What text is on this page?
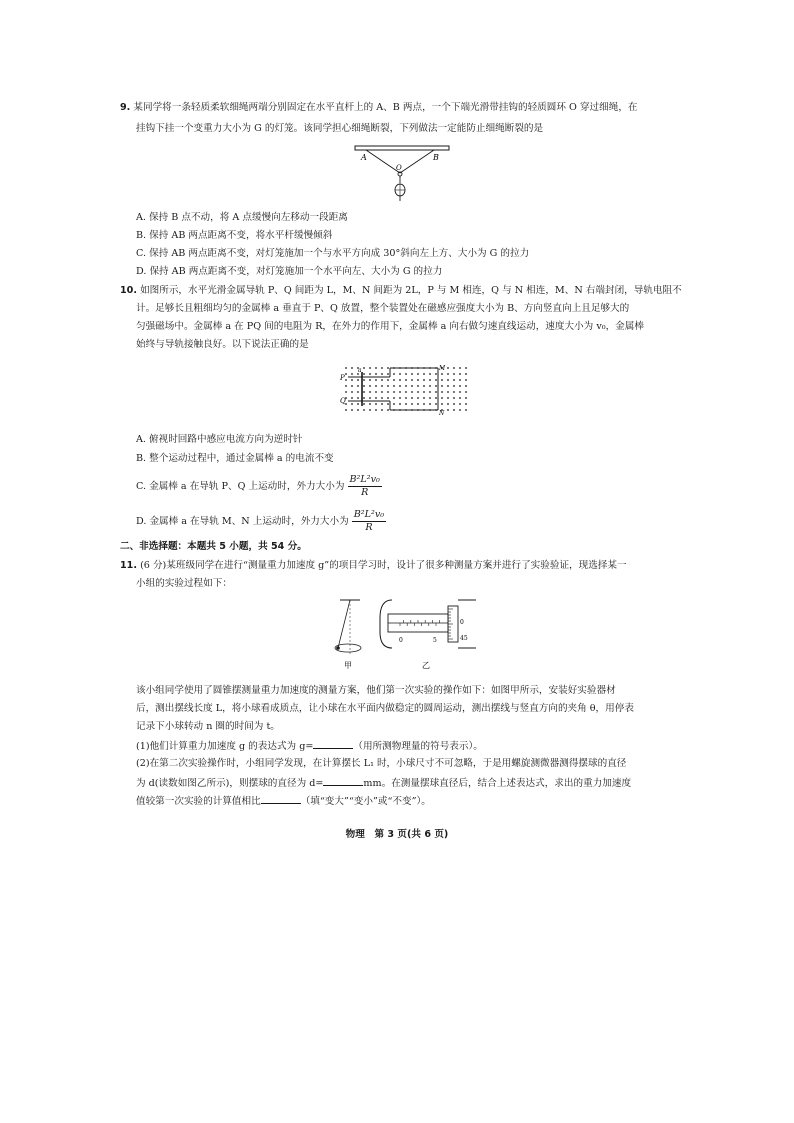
9. 某同学将一条轻质柔软细绳两端分别固定在水平直杆上的 A、B 两点，一个下端光滑带挂钩的轻质圆环 O 穿过细绳，在
挂钩下挂一个变重力大小为 G 的灯笼。该同学担心细绳断裂，下列做法一定能防止细绳断裂的是
A	B
O
A. 保持 B 点不动，将 A 点缓慢向左移动一段距离
B. 保持 AB 两点距离不变，将水平杆缓慢倾斜
C. 保持 AB 两点距离不变，对灯笼施加一个与水平方向成 30°斜向左上方、大小为 G 的拉力
D. 保持 AB 两点距离不变，对灯笼施加一个水平向左、大小为 G 的拉力
10. 如图所示，水平光滑金属导轨 P、Q 间距为 L，M、N 间距为 2L，P 与 M 相连，Q 与 N 相连，M、N 右端封闭，导轨电阻不
计。足够长且粗细均匀的金属棒 a 垂直于 P、Q 放置，整个装置处在磁感应强度大小为 B、方向竖直向上且足够大的
匀强磁场中。金属棒 a 在 PQ 间的电阻为 R，在外力的作用下，金属棒 a 向右做匀速直线运动，速度大小为 v₀，金属棒
始终与导轨接触良好。以下说法正确的是
a
P
Q
M
N
A. 俯视时回路中感应电流方向为逆时针
B. 整个运动过程中，通过金属棒 a 的电流不变
C. 金属棒 a 在导轨 P、Q 上运动时，外力大小为 $\frac{\text{B²L²v₀}}{R}$
D. 金属棒 a 在导轨 M、N 上运动时，外力大小为 $\frac{\text{B²L²v₀}}{R}$
二、非选择题：本题共 5 小题，共 54 分。
11. (6 分)某班级同学在进行“测量重力加速度 g”的项目学习时，设计了很多种测量方案并进行了实验验证，现选择某一
小组的实验过程如下：
甲
0	5
0
45
乙
该小组同学使用了圆锥摆测量重力加速度的测量方案，他们第一次实验的操作如下：如图甲所示，安装好实验器材
后，测出摆线长度 L，将小球看成质点，让小球在水平面内做稳定的圆周运动，测出摆线与竖直方向的夹角 θ，用停表
记录下小球转动 n 圈的时间为 t。
(1)他们计算重力加速度 g 的表达式为 g=	（用所测物理量的符号表示）。
(2)在第二次实验操作时，小组同学发现，在计算摆长 L₁ 时，小球尺寸不可忽略，于是用螺旋测微器测得摆球的直径
为 d(读数如图乙所示)，则摆球的直径为 d=	mm。在测量摆球直径后，结合上述表达式，求出的重力加速度
值较第一次实验的计算值相比	（填“变大”“变小”或“不变”）。
物理　第 3 页(共 6 页)
